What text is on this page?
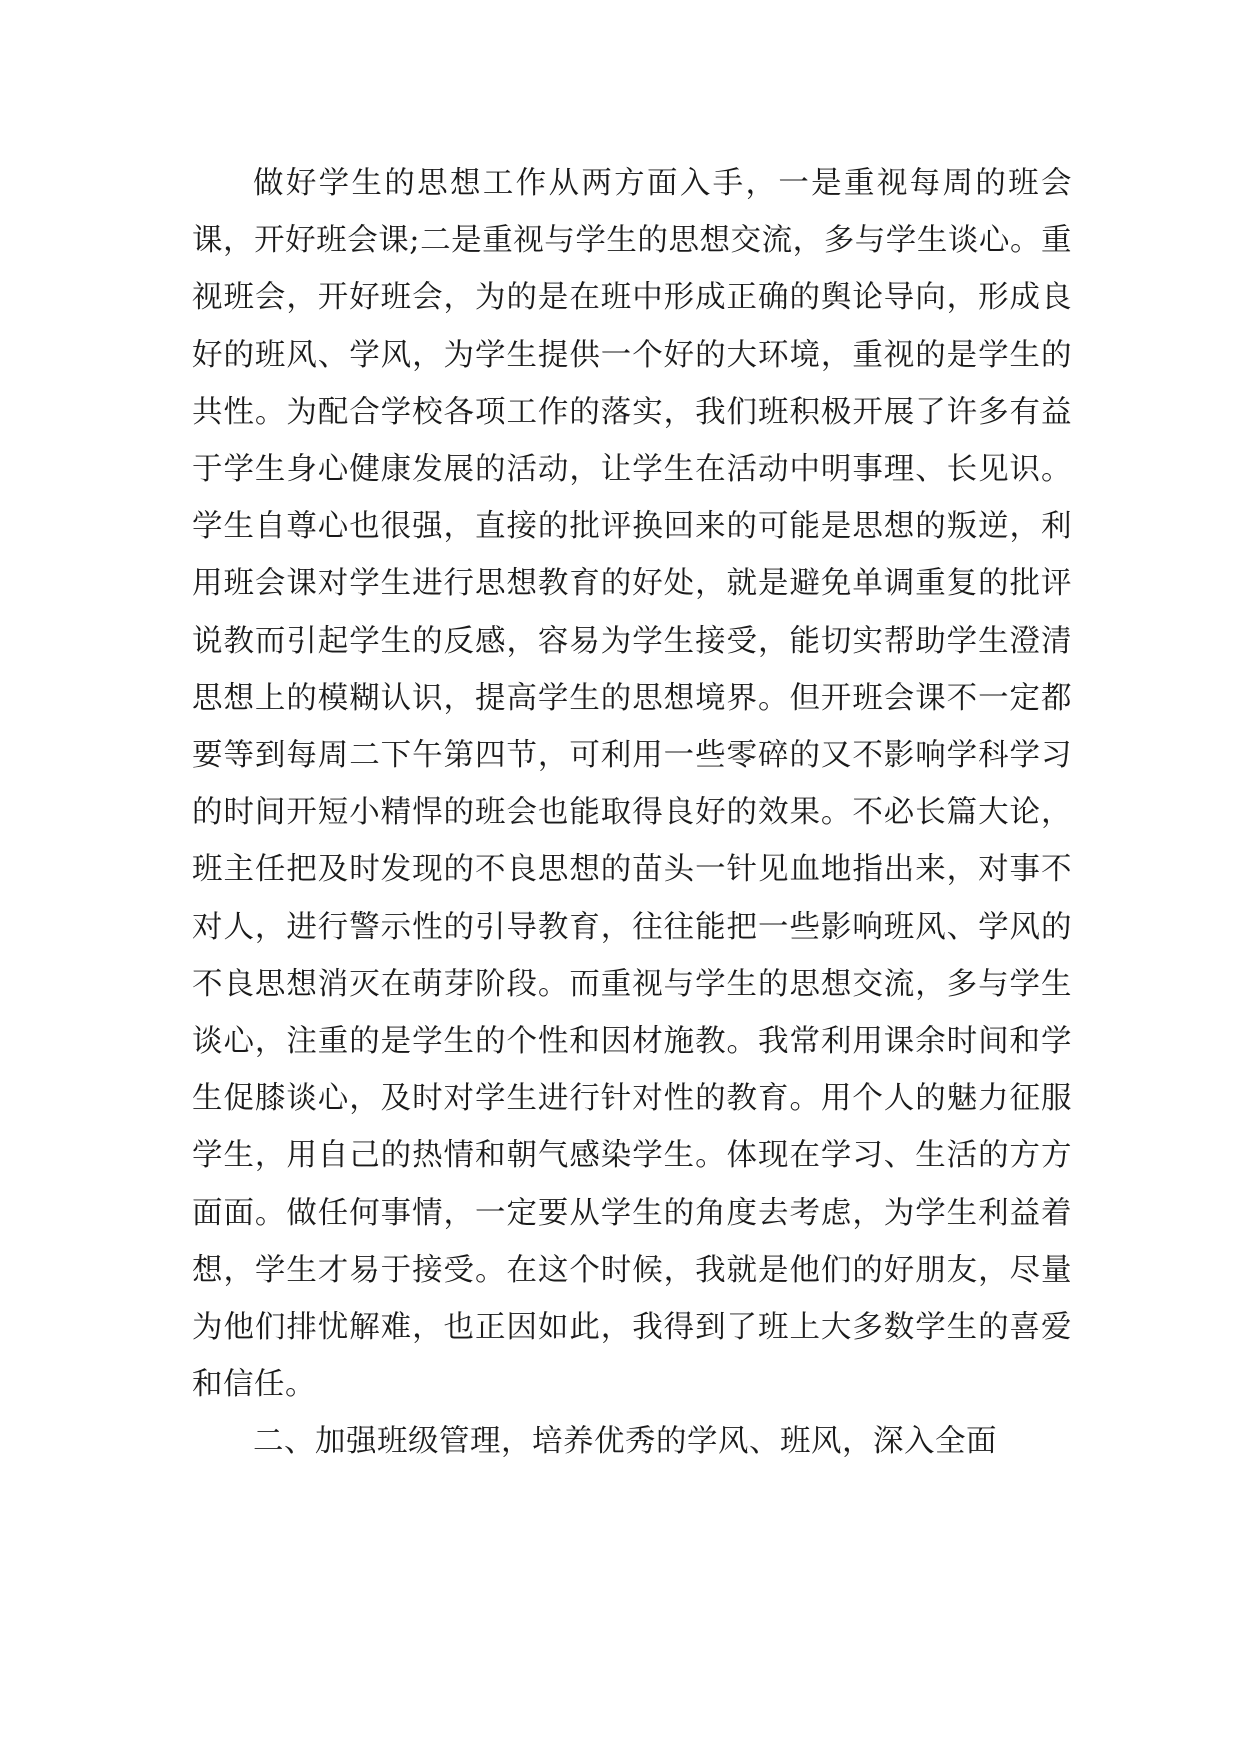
做好学生的思想工作从两方面入手，一是重视每周的班会课，开好班会课;二是重视与学生的思想交流，多与学生谈心。重视班会，开好班会，为的是在班中形成正确的舆论导向，形成良好的班风、学风，为学生提供一个好的大环境，重视的是学生的共性。为配合学校各项工作的落实，我们班积极开展了许多有益于学生身心健康发展的活动，让学生在活动中明事理、长见识。学生自尊心也很强，直接的批评换回来的可能是思想的叛逆，利用班会课对学生进行思想教育的好处，就是避免单调重复的批评说教而引起学生的反感，容易为学生接受，能切实帮助学生澄清思想上的模糊认识，提高学生的思想境界。但开班会课不一定都要等到每周二下午第四节，可利用一些零碎的又不影响学科学习的时间开短小精悍的班会也能取得良好的效果。不必长篇大论，班主任把及时发现的不良思想的苗头一针见血地指出来，对事不对人，进行警示性的引导教育，往往能把一些影响班风、学风的不良思想消灭在萌芽阶段。而重视与学生的思想交流，多与学生谈心，注重的是学生的个性和因材施教。我常利用课余时间和学生促膝谈心，及时对学生进行针对性的教育。用个人的魅力征服学生，用自己的热情和朝气感染学生。体现在学习、生活的方方面面。做任何事情，一定要从学生的角度去考虑，为学生利益着想，学生才易于接受。在这个时候，我就是他们的好朋友，尽量为他们排忧解难，也正因如此，我得到了班上大多数学生的喜爱和信任。

二、加强班级管理，培养优秀的学风、班风，深入全面
